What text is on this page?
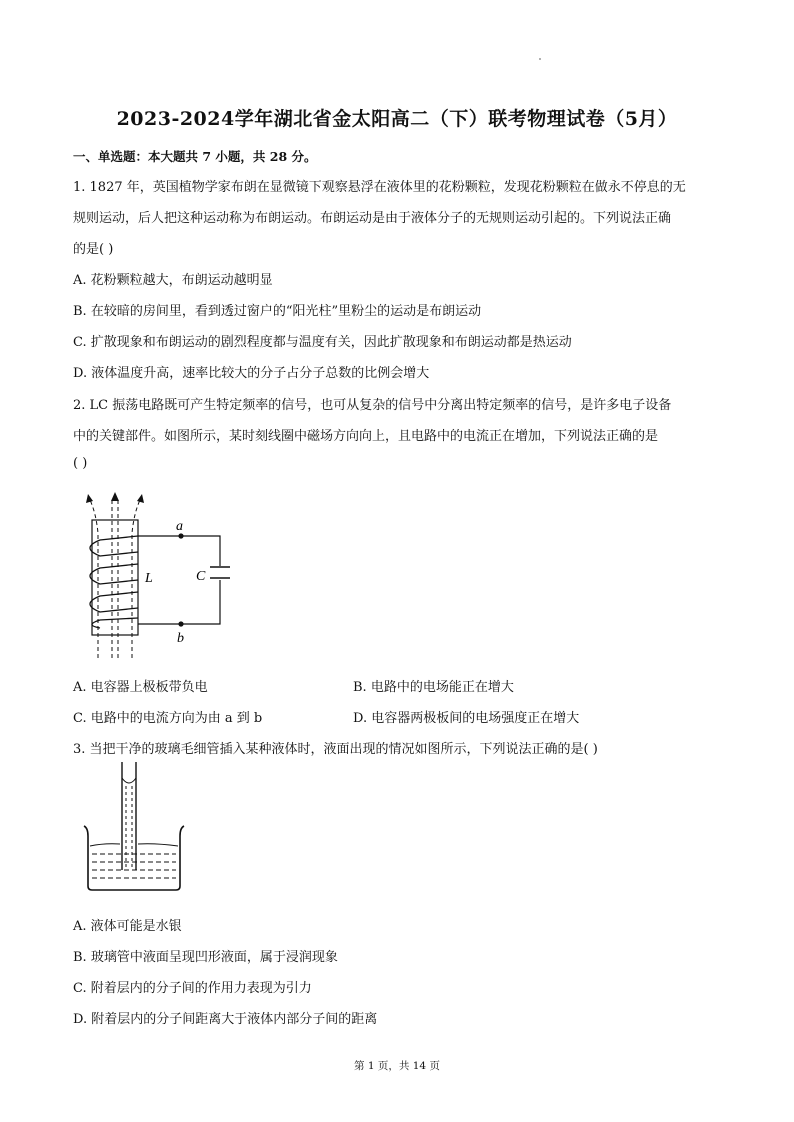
2023-2024学年湖北省金太阳高二（下）联考物理试卷（5月）
一、单选题：本大题共 7 小题，共 28 分。
1. 1827 年，英国植物学家布朗在显微镜下观察悬浮在液体里的花粉颗粒，发现花粉颗粒在做永不停息的无
规则运动，后人把这种运动称为布朗运动。布朗运动是由于液体分子的无规则运动引起的。下列说法正确
的是( )
A. 花粉颗粒越大，布朗运动越明显
B. 在较暗的房间里，看到透过窗户的“阳光柱”里粉尘的运动是布朗运动
C. 扩散现象和布朗运动的剧烈程度都与温度有关，因此扩散现象和布朗运动都是热运动
D. 液体温度升高，速率比较大的分子占分子总数的比例会增大
2. LC 振荡电路既可产生特定频率的信号，也可从复杂的信号中分离出特定频率的信号，是许多电子设备
中的关键部件。如图所示，某时刻线圈中磁场方向向上，且电路中的电流正在增加，下列说法正确的是
( )
a
b
L	C
A. 电容器上极板带负电	B. 电路中的电场能正在增大
C. 电路中的电流方向为由 a 到 b	D. 电容器两极板间的电场强度正在增大
3. 当把干净的玻璃毛细管插入某种液体时，液面出现的情况如图所示，下列说法正确的是( )
A. 液体可能是水银
B. 玻璃管中液面呈现凹形液面，属于浸润现象
C. 附着层内的分子间的作用力表现为引力
D. 附着层内的分子间距离大于液体内部分子间的距离
第 1 页，共 14 页
